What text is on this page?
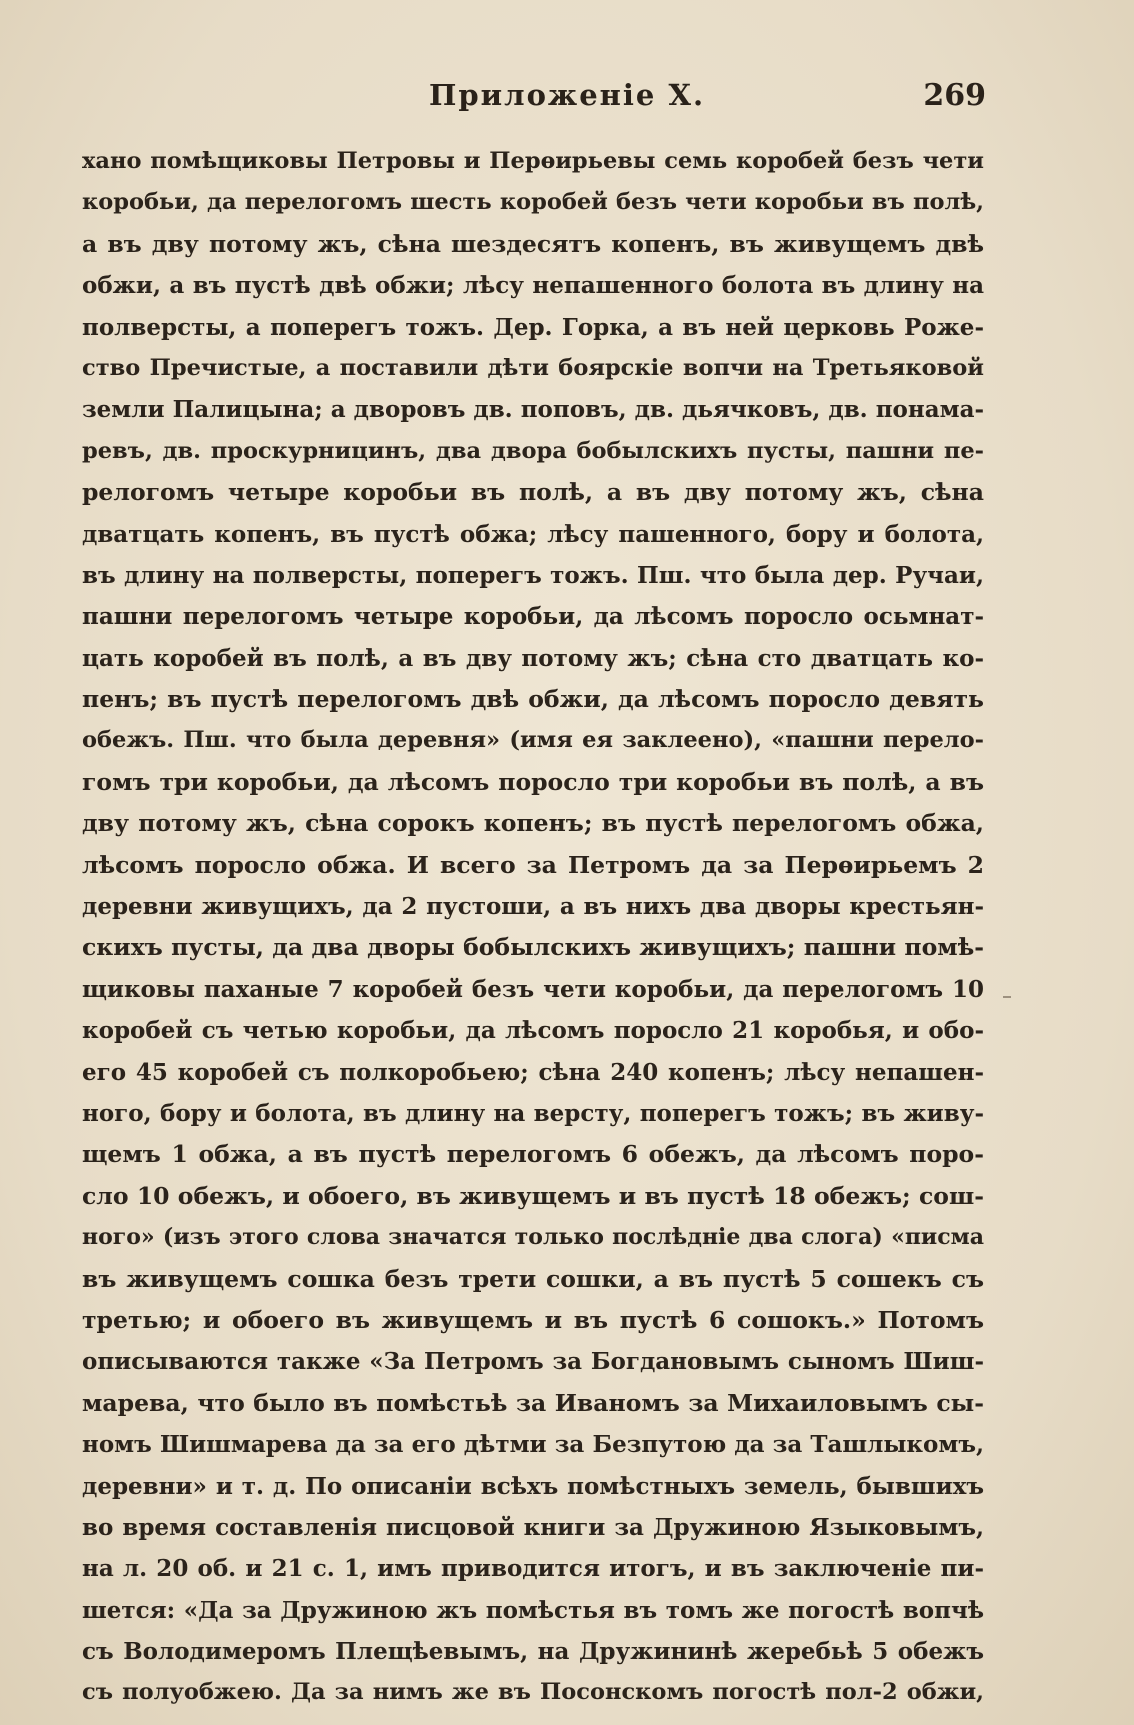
Приложеніе X.	269
хано помѣщиковы Петровы и Перѳирьевы семь коробей безъ чети
коробьи, да перелогомъ шесть коробей безъ чети коробьи въ полѣ,
а въ дву потому жъ, сѣна шездесятъ копенъ, въ живущемъ двѣ
обжи, а въ пустѣ двѣ обжи; лѣсу непашенного болота въ длину на
полверсты, а поперегъ тожъ. Дер. Горка, а въ ней церковь Роже-
ство Пречистые, а поставили дѣти боярскіе вопчи на Третьяковой
земли Палицына; а дворовъ дв. поповъ, дв. дьячковъ, дв. понама-
ревъ, дв. проскурницинъ, два двора бобылскихъ пусты, пашни пе-
релогомъ четыре коробьи въ полѣ, а въ дву потому жъ, сѣна
дватцать копенъ, въ пустѣ обжа; лѣсу пашенного, бору и болота,
въ длину на полверсты, поперегъ тожъ. Пш. что была дер. Ручаи,
пашни перелогомъ четыре коробьи, да лѣсомъ поросло осьмнат-
цать коробей въ полѣ, а въ дву потому жъ; сѣна сто дватцать ко-
пенъ; въ пустѣ перелогомъ двѣ обжи, да лѣсомъ поросло девять
обежъ. Пш. что была деревня» (имя ея заклеено), «пашни перело-
гомъ три коробьи, да лѣсомъ поросло три коробьи въ полѣ, а въ
дву потому жъ, сѣна сорокъ копенъ; въ пустѣ перелогомъ обжа,
лѣсомъ поросло обжа. И всего за Петромъ да за Перѳирьемъ 2
деревни живущихъ, да 2 пустоши, а въ нихъ два дворы крестьян-
скихъ пусты, да два дворы бобылскихъ живущихъ; пашни помѣ-
щиковы паханые 7 коробей безъ чети коробьи, да перелогомъ 10
коробей съ четью коробьи, да лѣсомъ поросло 21 коробья, и обо-
его 45 коробей съ полкоробьею; сѣна 240 копенъ; лѣсу непашен-
ного, бору и болота, въ длину на версту, поперегъ тожъ; въ живу-
щемъ 1 обжа, а въ пустѣ перелогомъ 6 обежъ, да лѣсомъ поро-
сло 10 обежъ, и обоего, въ живущемъ и въ пустѣ 18 обежъ; сош-
ного» (изъ этого слова значатся только послѣдніе два слога) «писма
въ живущемъ сошка безъ трети сошки, а въ пустѣ 5 сошекъ съ
третью; и обоего въ живущемъ и въ пустѣ 6 сошокъ.» Потомъ
описываются также «За Петромъ за Богдановымъ сыномъ Шиш-
марева, что было въ помѣстьѣ за Иваномъ за Михаиловымъ сы-
номъ Шишмарева да за его дѣтми за Безпутою да за Ташлыкомъ,
деревни» и т. д. По описаніи всѣхъ помѣстныхъ земель, бывшихъ
во время составленія писцовой книги за Дружиною Языковымъ,
на л. 20 об. и 21 с. 1, имъ приводится итогъ, и въ заключеніе пи-
шется: «Да за Дружиною жъ помѣстья въ томъ же погостѣ вопчѣ
съ Володимеромъ Плещѣевымъ, на Дружининѣ жеребьѣ 5 обежъ
съ полуобжею. Да за нимъ же въ Посонскомъ погостѣ пол-2 обжи,
